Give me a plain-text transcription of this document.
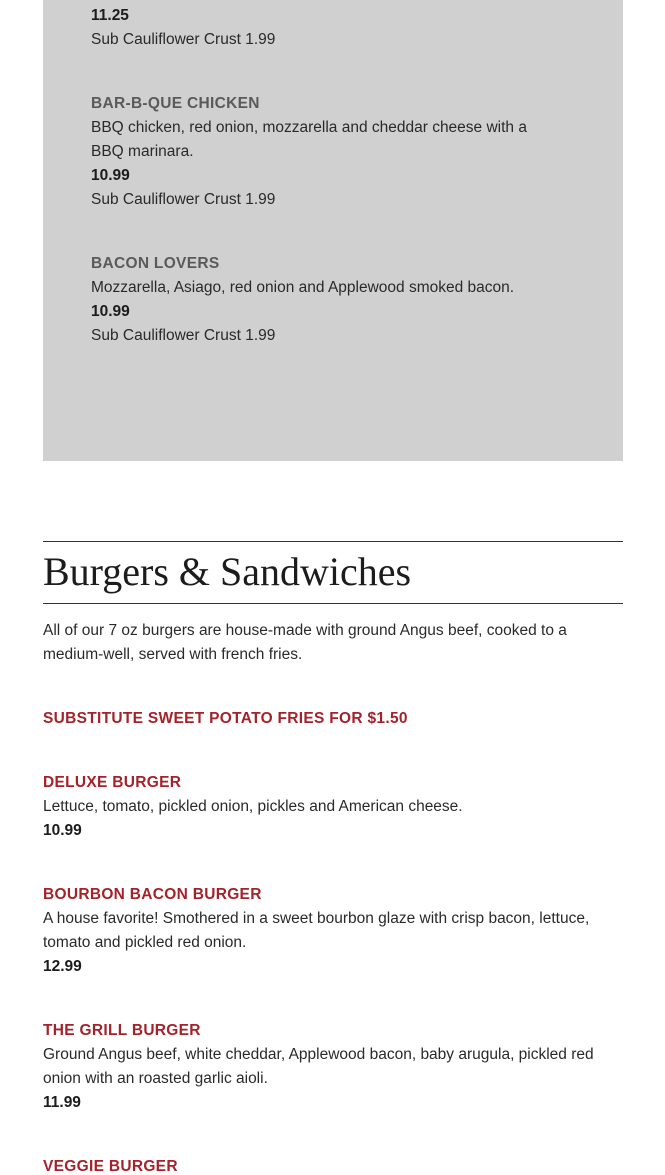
11.25
Sub Cauliflower Crust 1.99
BAR-B-QUE CHICKEN
BBQ chicken, red onion, mozzarella and cheddar cheese with a BBQ marinara.
10.99
Sub Cauliflower Crust 1.99
BACON LOVERS
Mozzarella, Asiago, red onion and Applewood smoked bacon.
10.99
Sub Cauliflower Crust 1.99
Burgers & Sandwiches
All of our 7 oz burgers are house-made with ground Angus beef, cooked to a medium-well, served with french fries.
SUBSTITUTE SWEET POTATO FRIES FOR $1.50
DELUXE BURGER
Lettuce, tomato, pickled onion, pickles and American cheese.
10.99
BOURBON BACON BURGER
A house favorite! Smothered in a sweet bourbon glaze with crisp bacon, lettuce, tomato and pickled red onion.
12.99
THE GRILL BURGER
Ground Angus beef, white cheddar, Applewood bacon, baby arugula, pickled red onion with an roasted garlic aioli.
11.99
VEGGIE BURGER
